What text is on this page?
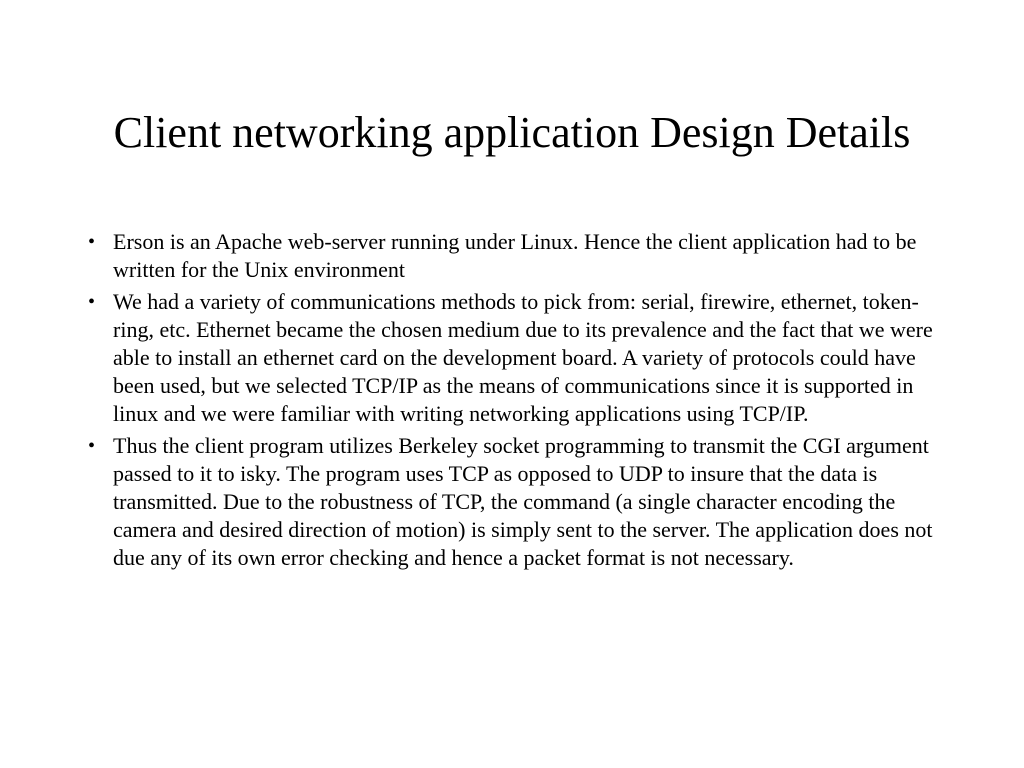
Client networking application Design Details
• Erson is an Apache web-server running under Linux. Hence the client application had to be written for the Unix environment
• We had a variety of communications methods to pick from: serial, firewire, ethernet, token-ring, etc. Ethernet became the chosen medium due to its prevalence and the fact that we were able to install an ethernet card on the development board. A variety of protocols could have been used, but we selected TCP/IP as the means of communications since it is supported in linux and we were familiar with writing networking applications using TCP/IP.
• Thus the client program utilizes Berkeley socket programming to transmit the CGI argument passed to it to isky. The program uses TCP as opposed to UDP to insure that the data is transmitted. Due to the robustness of TCP, the command (a single character encoding the camera and desired direction of motion) is simply sent to the server. The application does not due any of its own error checking and hence a packet format is not necessary.
